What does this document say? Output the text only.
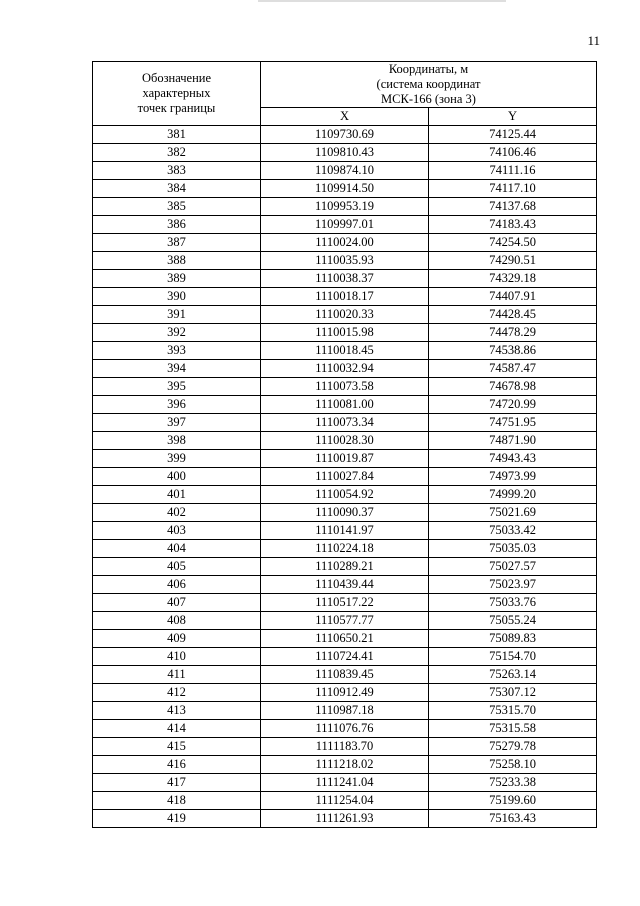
11
Обозначение
характерных
точек границы	Координаты, м
(система координат
МСК-166 (зона 3)	

	X	Y
381	1109730.69	74125.44
382	1109810.43	74106.46
383	1109874.10	74111.16
384	1109914.50	74117.10
385	1109953.19	74137.68
386	1109997.01	74183.43
387	1110024.00	74254.50
388	1110035.93	74290.51
389	1110038.37	74329.18
390	1110018.17	74407.91
391	1110020.33	74428.45
392	1110015.98	74478.29
393	1110018.45	74538.86
394	1110032.94	74587.47
395	1110073.58	74678.98
396	1110081.00	74720.99
397	1110073.34	74751.95
398	1110028.30	74871.90
399	1110019.87	74943.43
400	1110027.84	74973.99
401	1110054.92	74999.20
402	1110090.37	75021.69
403	1110141.97	75033.42
404	1110224.18	75035.03
405	1110289.21	75027.57
406	1110439.44	75023.97
407	1110517.22	75033.76
408	1110577.77	75055.24
409	1110650.21	75089.83
410	1110724.41	75154.70
411	1110839.45	75263.14
412	1110912.49	75307.12
413	1110987.18	75315.70
414	1111076.76	75315.58
415	1111183.70	75279.78
416	1111218.02	75258.10
417	1111241.04	75233.38
418	1111254.04	75199.60
419	1111261.93	75163.43
